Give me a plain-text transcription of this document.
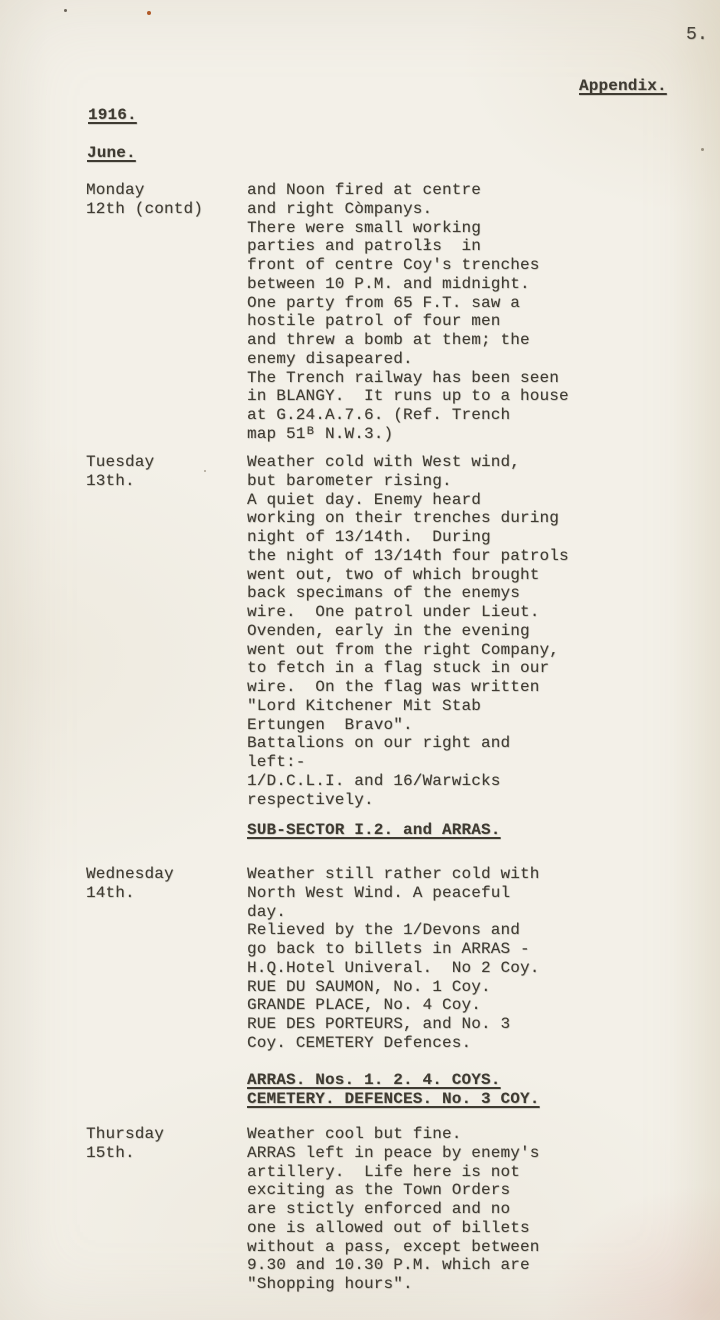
5.
Appendix.
1916.
June.
Monday
12th (contd)
and Noon fired at centre
and right Còmpanys.
There were small working
parties and patrolłs  in
front of centre Coy's trenches
between 10 P.M. and midnight.
One party from 65 F.T. saw a
hostile patrol of four men
and threw a bomb at them; the
enemy disapeared.
The Trench railway has been seen
in BLANGY.  It runs up to a house
at G.24.A.7.6. (Ref. Trench
map 51ᴮ N.W.3.)
Tuesday
13th.
Weather cold with West wind,
but barometer rising.
A quiet day. Enemy heard
working on their trenches during
night of 13/14th.  During
the night of 13/14th four patrols
went out, two of which brought
back specimans of the enemys
wire.  One patrol under Lieut.
Ovenden, early in the evening
went out from the right Company,
to fetch in a flag stuck in our
wire.  On the flag was written
"Lord Kitchener Mit Stab
Ertungen  Bravo".
Battalions on our right and
left:-
1/D.C.L.I. and 16/Warwicks
respectively.
SUB-SECTOR I.2. and ARRAS.
Wednesday
14th.
Weather still rather cold with
North West Wind. A peaceful
day.
Relieved by the 1/Devons and
go back to billets in ARRAS -
H.Q.Hotel Univeral.  No 2 Coy.
RUE DU SAUMON, No. 1 Coy.
GRANDE PLACE, No. 4 Coy.
RUE DES PORTEURS, and No. 3
Coy. CEMETERY Defences.
ARRAS. Nos. 1. 2. 4. COYS.
CEMETERY. DEFENCES. No. 3 COY.
Thursday
15th.
Weather cool but fine.
ARRAS left in peace by enemy's
artillery.  Life here is not
exciting as the Town Orders
are stictly enforced and no
one is allowed out of billets
without a pass, except between
9.30 and 10.30 P.M. which are
"Shopping hours".
